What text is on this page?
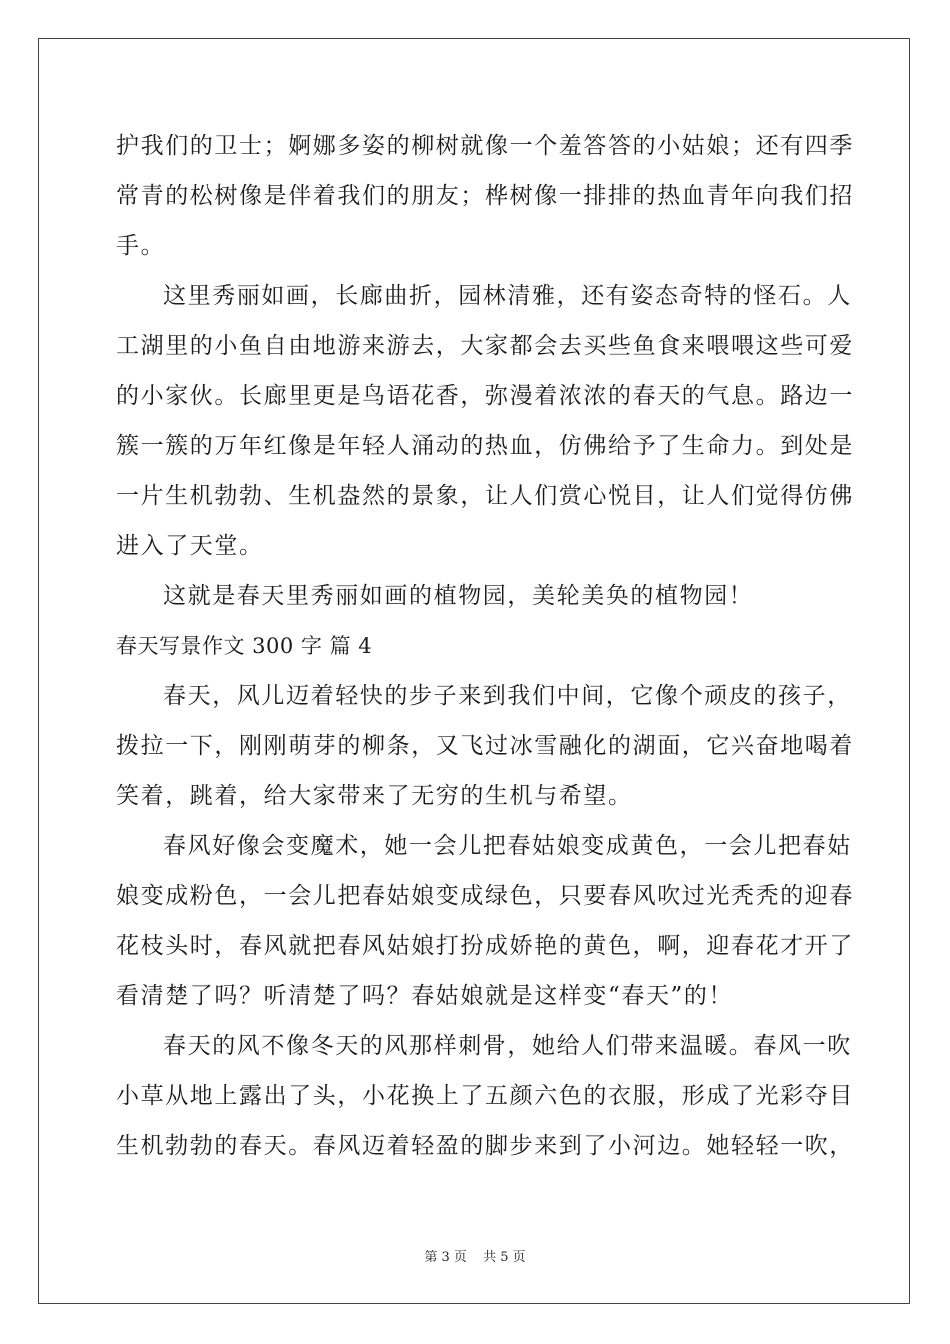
护我们的卫士；婀娜多姿的柳树就像一个羞答答的小姑娘；还有四季
常青的松树像是伴着我们的朋友；桦树像一排排的热血青年向我们招
手。
这里秀丽如画，长廊曲折，园林清雅，还有姿态奇特的怪石。人
工湖里的小鱼自由地游来游去，大家都会去买些鱼食来喂喂这些可爱
的小家伙。长廊里更是鸟语花香，弥漫着浓浓的春天的气息。路边一
簇一簇的万年红像是年轻人涌动的热血，仿佛给予了生命力。到处是
一片生机勃勃、生机盎然的景象，让人们赏心悦目，让人们觉得仿佛
进入了天堂。
这就是春天里秀丽如画的植物园，美轮美奂的植物园！
春天写景作文 300 字 篇 4
春天，风儿迈着轻快的步子来到我们中间，它像个顽皮的孩子，
拨拉一下，刚刚萌芽的柳条，又飞过冰雪融化的湖面，它兴奋地喝着
笑着，跳着，给大家带来了无穷的生机与希望。
春风好像会变魔术，她一会儿把春姑娘变成黄色，一会儿把春姑
娘变成粉色，一会儿把春姑娘变成绿色，只要春风吹过光秃秃的迎春
花枝头时，春风就把春风姑娘打扮成娇艳的黄色，啊，迎春花才开了
看清楚了吗？听清楚了吗？春姑娘就是这样变“春天”的！
春天的风不像冬天的风那样刺骨，她给人们带来温暖。春风一吹
小草从地上露出了头，小花换上了五颜六色的衣服，形成了光彩夺目
生机勃勃的春天。春风迈着轻盈的脚步来到了小河边。她轻轻一吹，
第 3 页 共 5 页
